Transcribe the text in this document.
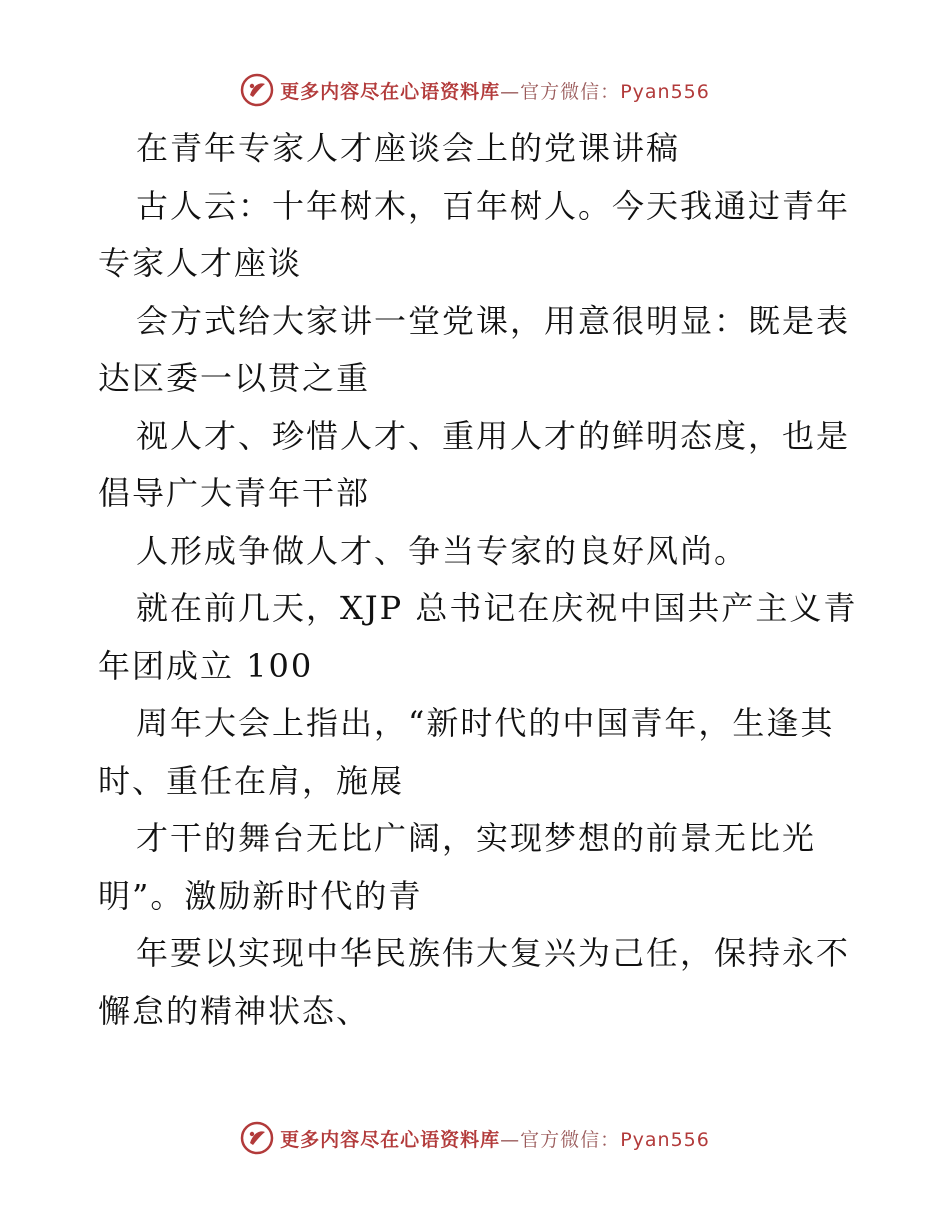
更多内容尽在心语资料库—官方微信：Pyan556
在青年专家人才座谈会上的党课讲稿
古人云：十年树木，百年树人。今天我通过青年
专家人才座谈
会方式给大家讲一堂党课，用意很明显：既是表
达区委一以贯之重
视人才、珍惜人才、重用人才的鲜明态度，也是
倡导广大青年干部
人形成争做人才、争当专家的良好风尚。
就在前几天，XJP 总书记在庆祝中国共产主义青
年团成立 100
周年大会上指出，“新时代的中国青年，生逢其
时、重任在肩，施展
才干的舞台无比广阔，实现梦想的前景无比光
明”。激励新时代的青
年要以实现中华民族伟大复兴为己任，保持永不
懈怠的精神状态、
更多内容尽在心语资料库—官方微信：Pyan556
